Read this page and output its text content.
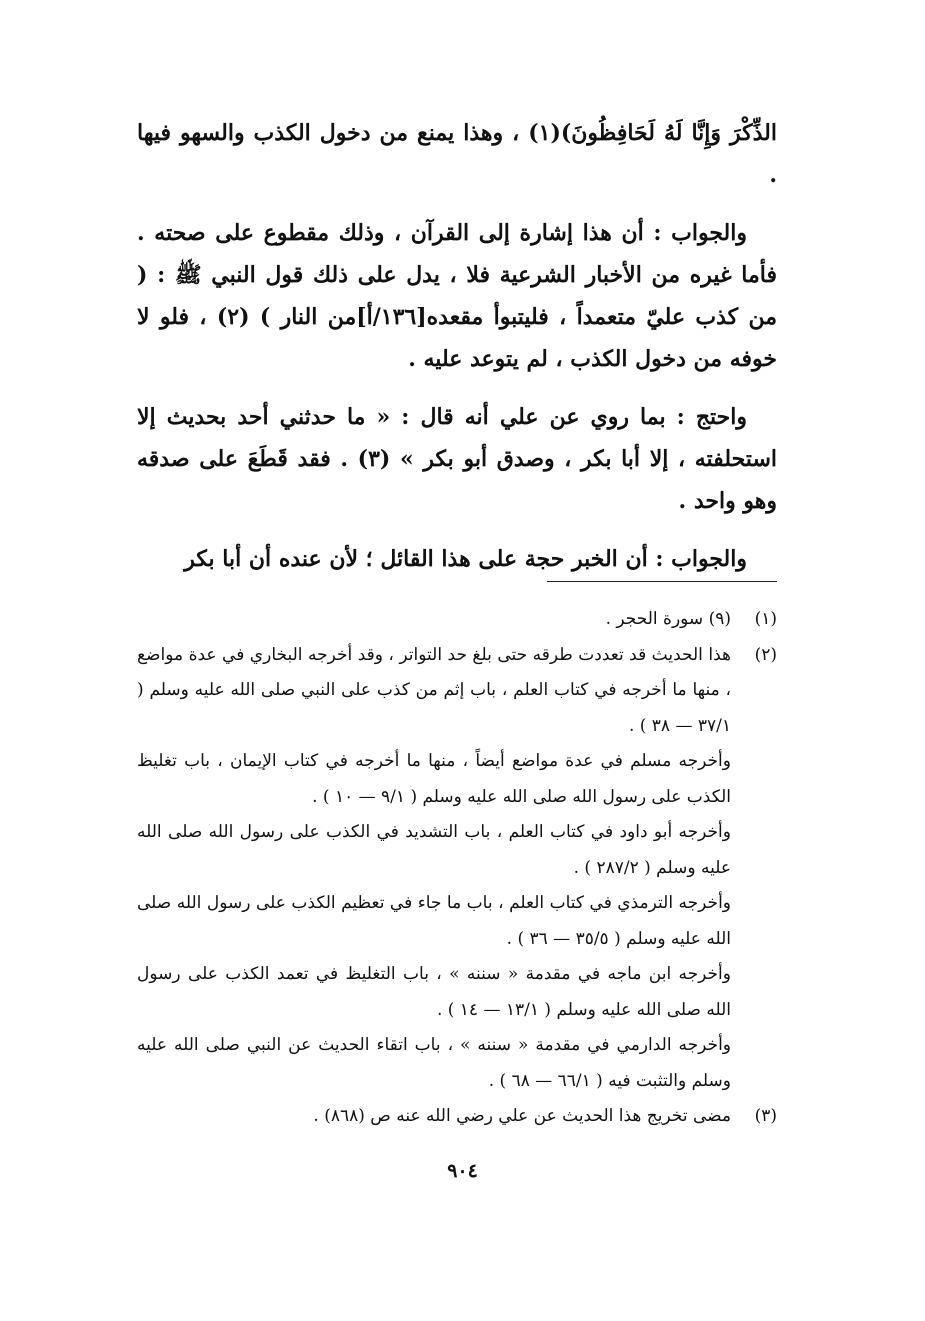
الذِّكْرَ وَإِنَّا لَهُ لَحَافِظُونَ)(١) ، وهذا يمنع من دخول الكذب والسهو فيها .

والجواب : أن هذا إشارة إلى القرآن ، وذلك مقطوع على صحته . فأما غيره من الأخبار الشرعية فلا ، يدل على ذلك قول النبي ﷺ : ( من كذب عليّ متعمداً ، فليتبوأ مقعده[١٣٦/أ]من النار ) (٢) ، فلو لا خوفه من دخول الكذب ، لم يتوعد عليه .

واحتج : بما روي عن علي أنه قال : « ما حدثني أحد بحديث إلا استحلفته ، إلا أبا بكر ، وصدق أبو بكر » (٣) . فقد قَطَعَ على صدقه وهو واحد .

والجواب : أن الخبر حجة على هذا القائل ؛ لأن عنده أن أبا بكر

(١)
(٩) سورة الحجر .
(٢)
هذا الحديث قد تعددت طرقه حتى بلغ حد التواتر ، وقد أخرجه البخاري في عدة مواضع ، منها ما أخرجه في كتاب العلم ، باب إثم من كذب على النبي صلى الله عليه وسلم ( ٣٧/١ — ٣٨ ) .
وأخرجه مسلم في عدة مواضع أيضاً ، منها ما أخرجه في كتاب الإيمان ، باب تغليظ الكذب على رسول الله صلى الله عليه وسلم ( ٩/١ — ١٠ ) .
وأخرجه أبو داود في كتاب العلم ، باب التشديد في الكذب على رسول الله صلى الله عليه وسلم ( ٢٨٧/٢ ) .
وأخرجه الترمذي في كتاب العلم ، باب ما جاء في تعظيم الكذب على رسول الله صلى الله عليه وسلم ( ٣٥/٥ — ٣٦ ) .
وأخرجه ابن ماجه في مقدمة « سننه » ، باب التغليظ في تعمد الكذب على رسول الله صلى الله عليه وسلم ( ١٣/١ — ١٤ ) .
وأخرجه الدارمي في مقدمة « سننه » ، باب اتقاء الحديث عن النبي صلى الله عليه وسلم والتثبت فيه ( ٦٦/١ — ٦٨ ) .
(٣)
مضى تخريج هذا الحديث عن علي رضي الله عنه ص (٨٦٨) .
٩٠٤
